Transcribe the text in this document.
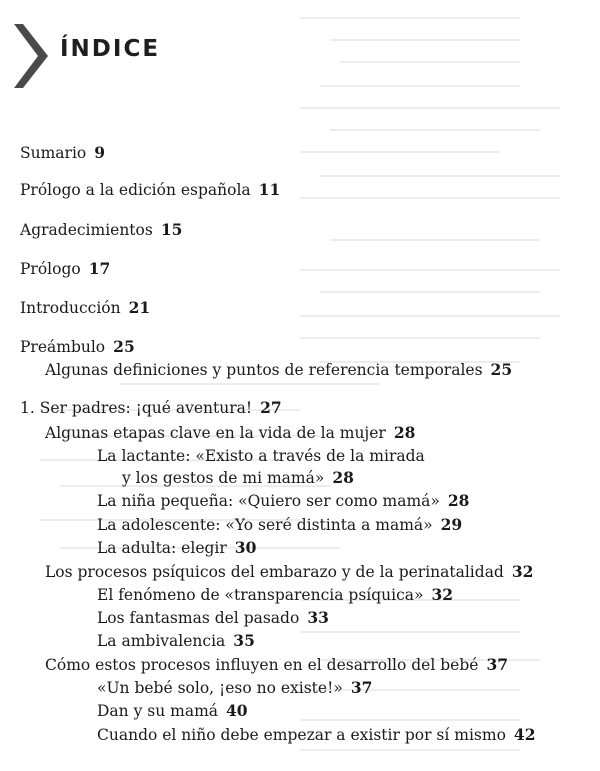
ÍNDICE
Sumario 9
Prólogo a la edición española 11
Agradecimientos 15
Prólogo 17
Introducción 21
Preámbulo 25
Algunas definiciones y puntos de referencia temporales 25
1. Ser padres: ¡qué aventura! 27
Algunas etapas clave en la vida de la mujer 28
La lactante: «Existo a través de la mirada
y los gestos de mi mamá» 28
La niña pequeña: «Quiero ser como mamá» 28
La adolescente: «Yo seré distinta a mamá» 29
La adulta: elegir 30
Los procesos psíquicos del embarazo y de la perinatalidad 32
El fenómeno de «transparencia psíquica» 32
Los fantasmas del pasado 33
La ambivalencia 35
Cómo estos procesos influyen en el desarrollo del bebé 37
«Un bebé solo, ¡eso no existe!» 37
Dan y su mamá 40
Cuando el niño debe empezar a existir por sí mismo 42
